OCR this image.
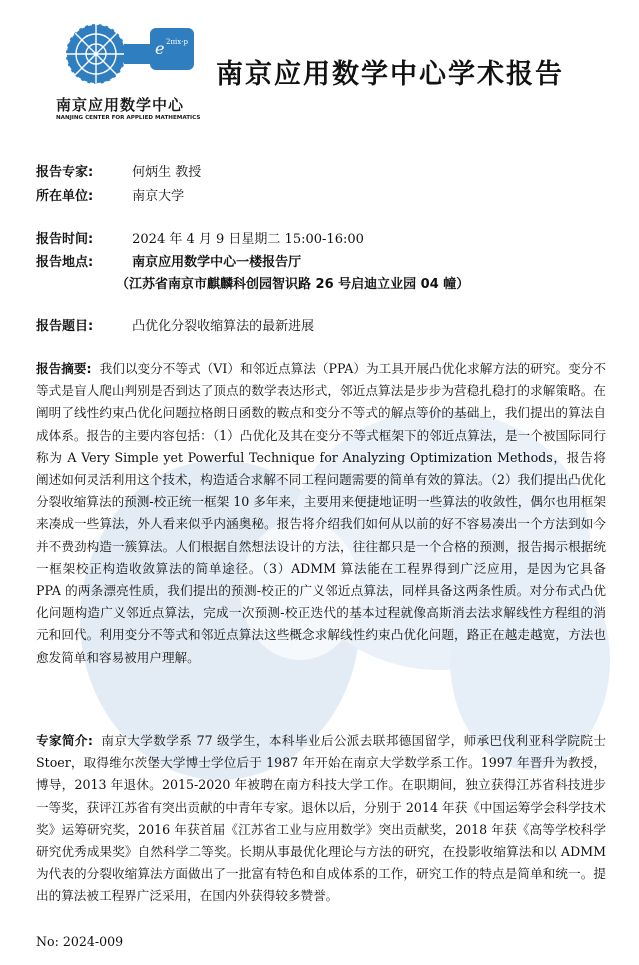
e 2πix·p
南京应用数学中心
NANJING CENTER FOR APPLIED MATHEMATICS
南京应用数学中心学术报告
报告专家:	何炳生 教授
所在单位:	南京大学
报告时间:	2024 年 4 月 9 日星期二 15:00-16:00
报告地点:	南京应用数学中心一楼报告厅
（江苏省南京市麒麟科创园智识路 26 号启迪立业园 04 幢）
报告题目:	凸优化分裂收缩算法的最新进展
报告摘要: 我们以变分不等式（VI）和邻近点算法（PPA）为工具开展凸优化求解方法的研究。变分不等式是盲人爬山判别是否到达了顶点的数学表达形式，邻近点算法是步步为营稳扎稳打的求解策略。在阐明了线性约束凸优化问题拉格朗日函数的鞍点和变分不等式的解点等价的基础上，我们提出的算法自成体系。报告的主要内容包括：（1）凸优化及其在变分不等式框架下的邻近点算法，是一个被国际同行称为 A Very Simple yet Powerful Technique for Analyzing Optimization Methods，报告将阐述如何灵活利用这个技术，构造适合求解不同工程问题需要的简单有效的算法。（2）我们提出凸优化分裂收缩算法的预测-校正统一框架 10 多年来，主要用来便捷地证明一些算法的收敛性，偶尔也用框架来凑成一些算法，外人看来似乎内涵奥秘。报告将介绍我们如何从以前的好不容易凑出一个方法到如今并不费劲构造一簇算法。人们根据自然想法设计的方法，往往都只是一个合格的预测，报告揭示根据统一框架校正构造收敛算法的简单途径。（3）ADMM 算法能在工程界得到广泛应用，是因为它具备 PPA 的两条漂亮性质，我们提出的预测-校正的广义邻近点算法，同样具备这两条性质。对分布式凸优化问题构造广义邻近点算法，完成一次预测-校正迭代的基本过程就像高斯消去法求解线性方程组的消元和回代。利用变分不等式和邻近点算法这些概念求解线性约束凸优化问题，路正在越走越宽，方法也愈发简单和容易被用户理解。
专家简介: 南京大学数学系 77 级学生，本科毕业后公派去联邦德国留学，师承巴伐利亚科学院院士 Stoer，取得维尔茨堡大学博士学位后于 1987 年开始在南京大学数学系工作。1997 年晋升为教授，博导，2013 年退休。2015-2020 年被聘在南方科技大学工作。在职期间，独立获得江苏省科技进步一等奖，获评江苏省有突出贡献的中青年专家。退休以后，分别于 2014 年获《中国运筹学会科学技术奖》运筹研究奖，2016 年获首届《江苏省工业与应用数学》突出贡献奖，2018 年获《高等学校科学研究优秀成果奖》自然科学二等奖。长期从事最优化理论与方法的研究，在投影收缩算法和以 ADMM 为代表的分裂收缩算法方面做出了一批富有特色和自成体系的工作，研究工作的特点是简单和统一。提出的算法被工程界广泛采用，在国内外获得较多赞誉。
No: 2024-009
